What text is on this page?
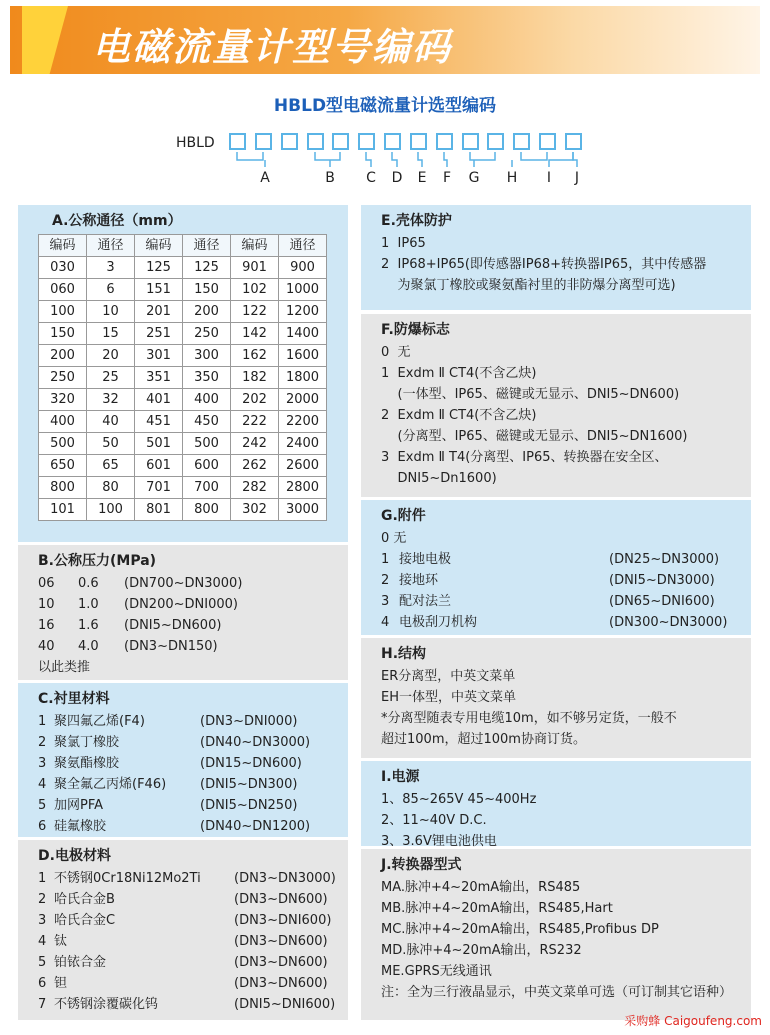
电磁流量计型号编码
HBLD型电磁流量计选型编码
HBLD
A	B	C	D	E	F	G	H	I	J
A.公称通径（mm）
编码	通径	编码	通径	编码	通径
030	3	125	125	901	900
060	6	151	150	102	1000
100	10	201	200	122	1200
150	15	251	250	142	1400
200	20	301	300	162	1600
250	25	351	350	182	1800
320	32	401	400	202	2000
400	40	451	450	222	2200
500	50	501	500	242	2400
650	65	601	600	262	2600
800	80	701	700	282	2800
101	100	801	800	302	3000
B.公称压力(MPa)
06 0.6 (DN700~DN3000)
10 1.0 (DN200~DNI000)
16 1.6 (DNI5~DN600)
40 4.0 (DN3~DN150)
以此类推
C.衬里材料
1 聚四氟乙烯(F4)	(DN3~DNI000)
2 聚氯丁橡胶	(DN40~DN3000)
3 聚氨酯橡胶	(DN15~DN600)
4 聚全氟乙丙烯(F46)	(DNI5~DN300)
5 加网PFA	(DNI5~DN250)
6 硅氟橡胶	(DN40~DN1200)
D.电极材料
1 不锈钢0Cr18Ni12Mo2Ti	(DN3~DN3000)
2 哈氏合金B	(DN3~DN600)
3 哈氏合金C	(DN3~DNI600)
4 钛	(DN3~DN600)
5 铂铱合金	(DN3~DN600)
6 钽	(DN3~DN600)
7 不锈钢涂覆碳化钨	(DNI5~DNI600)
E.壳体防护
1  IP65
2  IP68+IP65(即传感器IP68+转换器IP65，其中传感器
为聚氯丁橡胶或聚氨酯衬里的非防爆分离型可选)
F.防爆标志
0  无
1  Exdm Ⅱ CT4(不含乙炔)
(一体型、IP65、磁键或无显示、DNI5~DN600)
2  Exdm Ⅱ CT4(不含乙炔)
(分离型、IP65、磁键或无显示、DNI5~DN1600)
3  Exdm Ⅱ T4(分离型、IP65、转换器在安全区、
DNI5~Dn1600)
G.附件
0 无
1 接地电极	(DN25~DN3000)
2 接地环	(DNI5~DN3000)
3 配对法兰	(DN65~DNI600)
4 电极刮刀机构	(DN300~DN3000)
H.结构
ER分离型，中英文菜单
EH一体型，中英文菜单
*分离型随表专用电缆10m，如不够另定货，一般不
超过100m，超过100m协商订货。
I.电源
1、85~265V 45~400Hz
2、11~40V D.C.
3、3.6V锂电池供电
J.转换器型式
MA.脉冲+4~20mA输出，RS485
MB.脉冲+4~20mA输出，RS485,Hart
MC.脉冲+4~20mA输出，RS485,Profibus DP
MD.脉冲+4~20mA输出，RS232
ME.GPRS无线通讯
注：全为三行液晶显示，中英文菜单可选（可订制其它语种）
采购蜂 Caigoufeng.com
